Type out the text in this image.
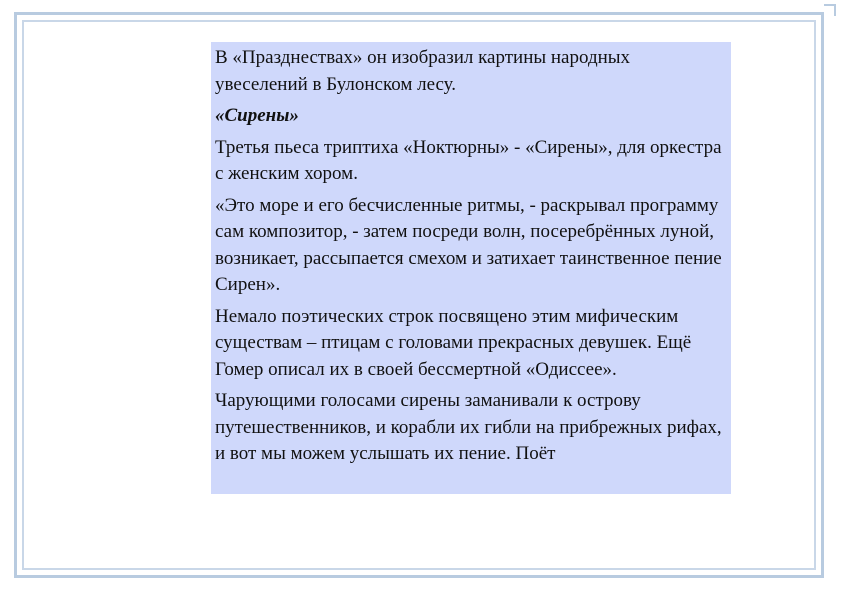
В «Празднествах» он изобразил картины народных увеселений в Булонском лесу.

«Сирены»

Третья пьеса триптиха «Ноктюрны» - «Сирены», для оркестра с женским хором.

«Это море и его бесчисленные ритмы, - раскрывал программу сам композитор, - затем посреди волн, посеребрённых луной, возникает, рассыпается смехом и затихает таинственное пение Сирен».

Немало поэтических строк посвящено этим мифическим существам – птицам с головами прекрасных девушек. Ещё Гомер описал их в своей бессмертной «Одиссее».

Чарующими голосами сирены заманивали к острову путешественников, и корабли их гибли на прибрежных рифах, и вот мы можем услышать их пение. Поёт
